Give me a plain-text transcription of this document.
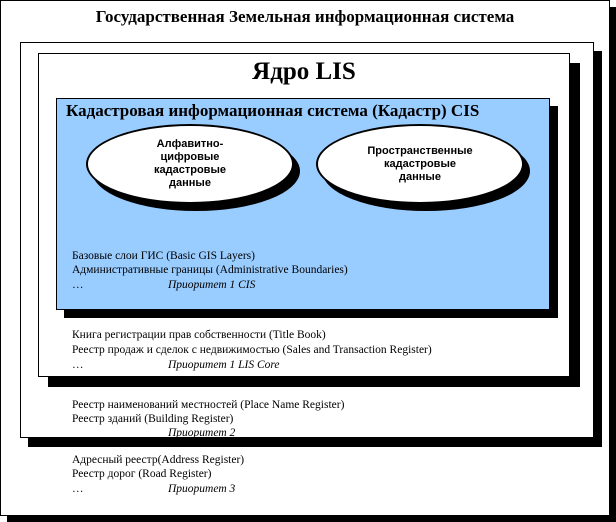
Государственная Земельная информационная система
Ядро LIS
Кадастровая информационная система (Кадастр) CIS
Алфавитно-
цифровые
кадастровые
данные
Пространственные
кадастровые
данные
Базовые слои ГИС (Basic GIS Layers)
Административные границы (Administrative Boundaries)
…	Приоритет 1 CIS
Книга регистрации прав собственности (Title Book)
Реестр продаж и сделок с недвижимостью (Sales and Transaction Register)
…	Приоритет 1 LIS Core
Реестр наименований местностей (Place Name Register)
Реестр зданий (Building Register)
Приоритет 2
Адресный реестр(Address Register)
Реестр дорог (Road Register)
…	Приоритет 3
